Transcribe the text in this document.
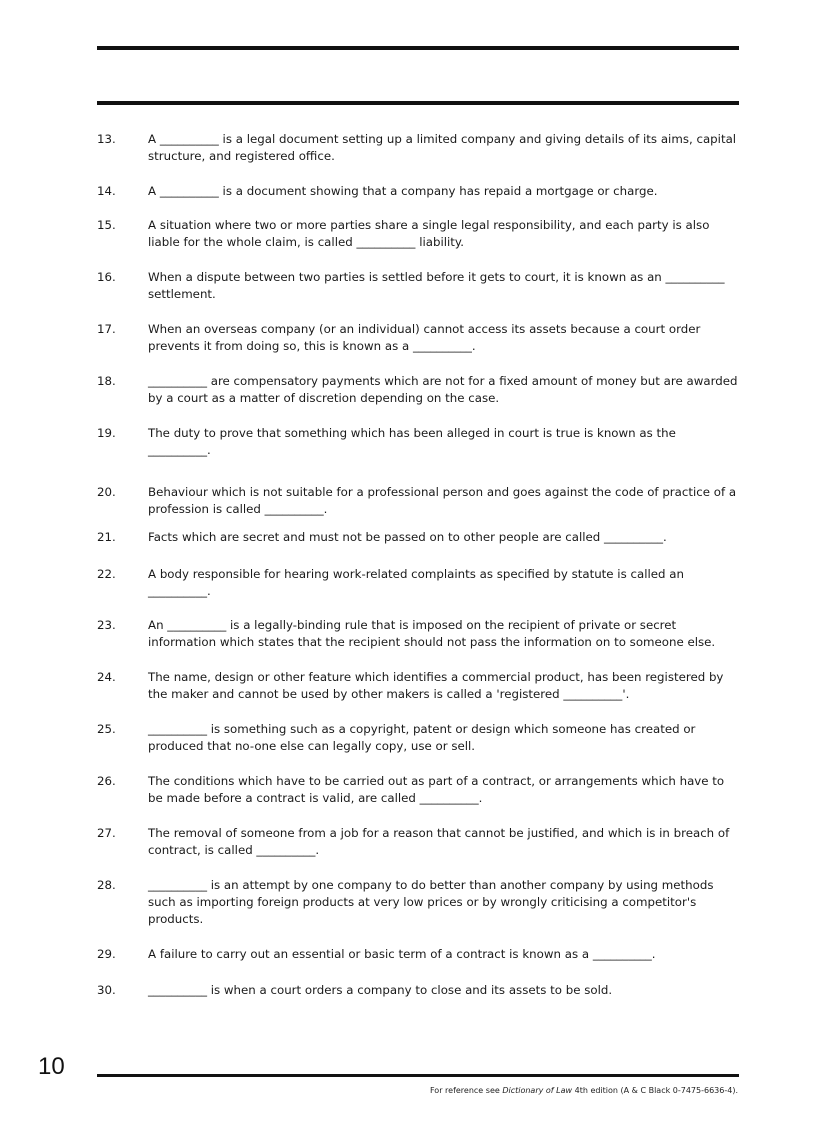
13.	A __________ is a legal document setting up a limited company and giving details of its aims, capital structure, and registered office.
14.	A __________ is a document showing that a company has repaid a mortgage or charge.
15.	A situation where two or more parties share a single legal responsibility, and each party is also liable for the whole claim, is called __________ liability.
16.	When a dispute between two parties is settled before it gets to court, it is known as an __________ settlement.
17.	When an overseas company (or an individual) cannot access its assets because a court order prevents it from doing so, this is known as a __________.
18.	__________ are compensatory payments which are not for a fixed amount of money but are awarded by a court as a matter of discretion depending on the case.
19.	The duty to prove that something which has been alleged in court is true is known as the __________.
20.	Behaviour which is not suitable for a professional person and goes against the code of practice of a profession is called __________.
21.	Facts which are secret and must not be passed on to other people are called __________.
22.	A body responsible for hearing work-related complaints as specified by statute is called an __________.
23.	An __________ is a legally-binding rule that is imposed on the recipient of private or secret information which states that the recipient should not pass the information on to someone else.
24.	The name, design or other feature which identifies a commercial product, has been registered by the maker and cannot be used by other makers is called a 'registered __________'.
25.	__________ is something such as a copyright, patent or design which someone has created or produced that no-one else can legally copy, use or sell.
26.	The conditions which have to be carried out as part of a contract, or arrangements which have to be made before a contract is valid, are called __________.
27.	The removal of someone from a job for a reason that cannot be justified, and which is in breach of contract, is called __________.
28.	__________ is an attempt by one company to do better than another company by using methods such as importing foreign products at very low prices or by wrongly criticising a competitor's products.
29.	A failure to carry out an essential or basic term of a contract is known as a __________.
30.	__________ is when a court orders a company to close and its assets to be sold.
10
For reference see Dictionary of Law 4th edition (A & C Black 0-7475-6636-4).
